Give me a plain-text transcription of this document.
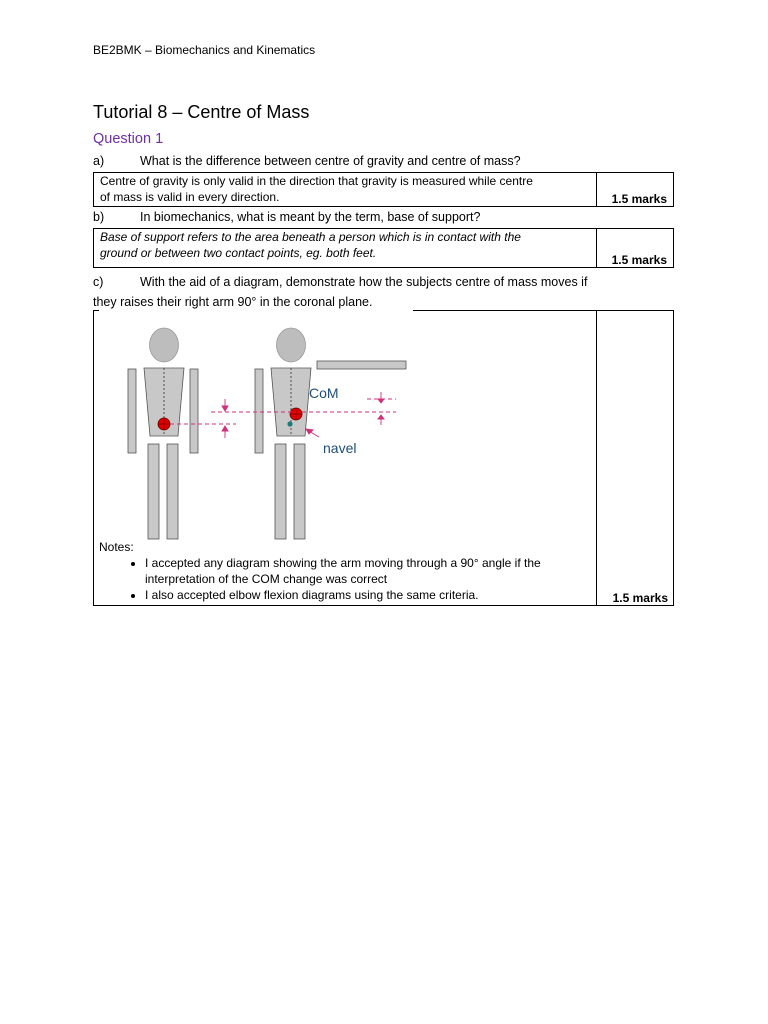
BE2BMK – Biomechanics and Kinematics
Tutorial 8 – Centre of Mass
Question 1
a)	What is the difference between centre of gravity and centre of mass?
Centre of gravity is only valid in the direction that gravity is measured while centre
of mass is valid in every direction.	1.5 marks
b)	In biomechanics, what is meant by the term, base of support?
Base of support refers to the area beneath a person which is in contact with the
ground or between two contact points, eg. both feet.
1.5 marks
c)	With the aid of a diagram, demonstrate how the subjects centre of mass moves if
they raises their right arm 90° in the coronal plane.
CoM
navel
Notes:
• I accepted any diagram showing the arm moving through a 90° angle if the interpretation of the COM change was correct
• I also accepted elbow flexion diagrams using the same criteria.	1.5 marks
